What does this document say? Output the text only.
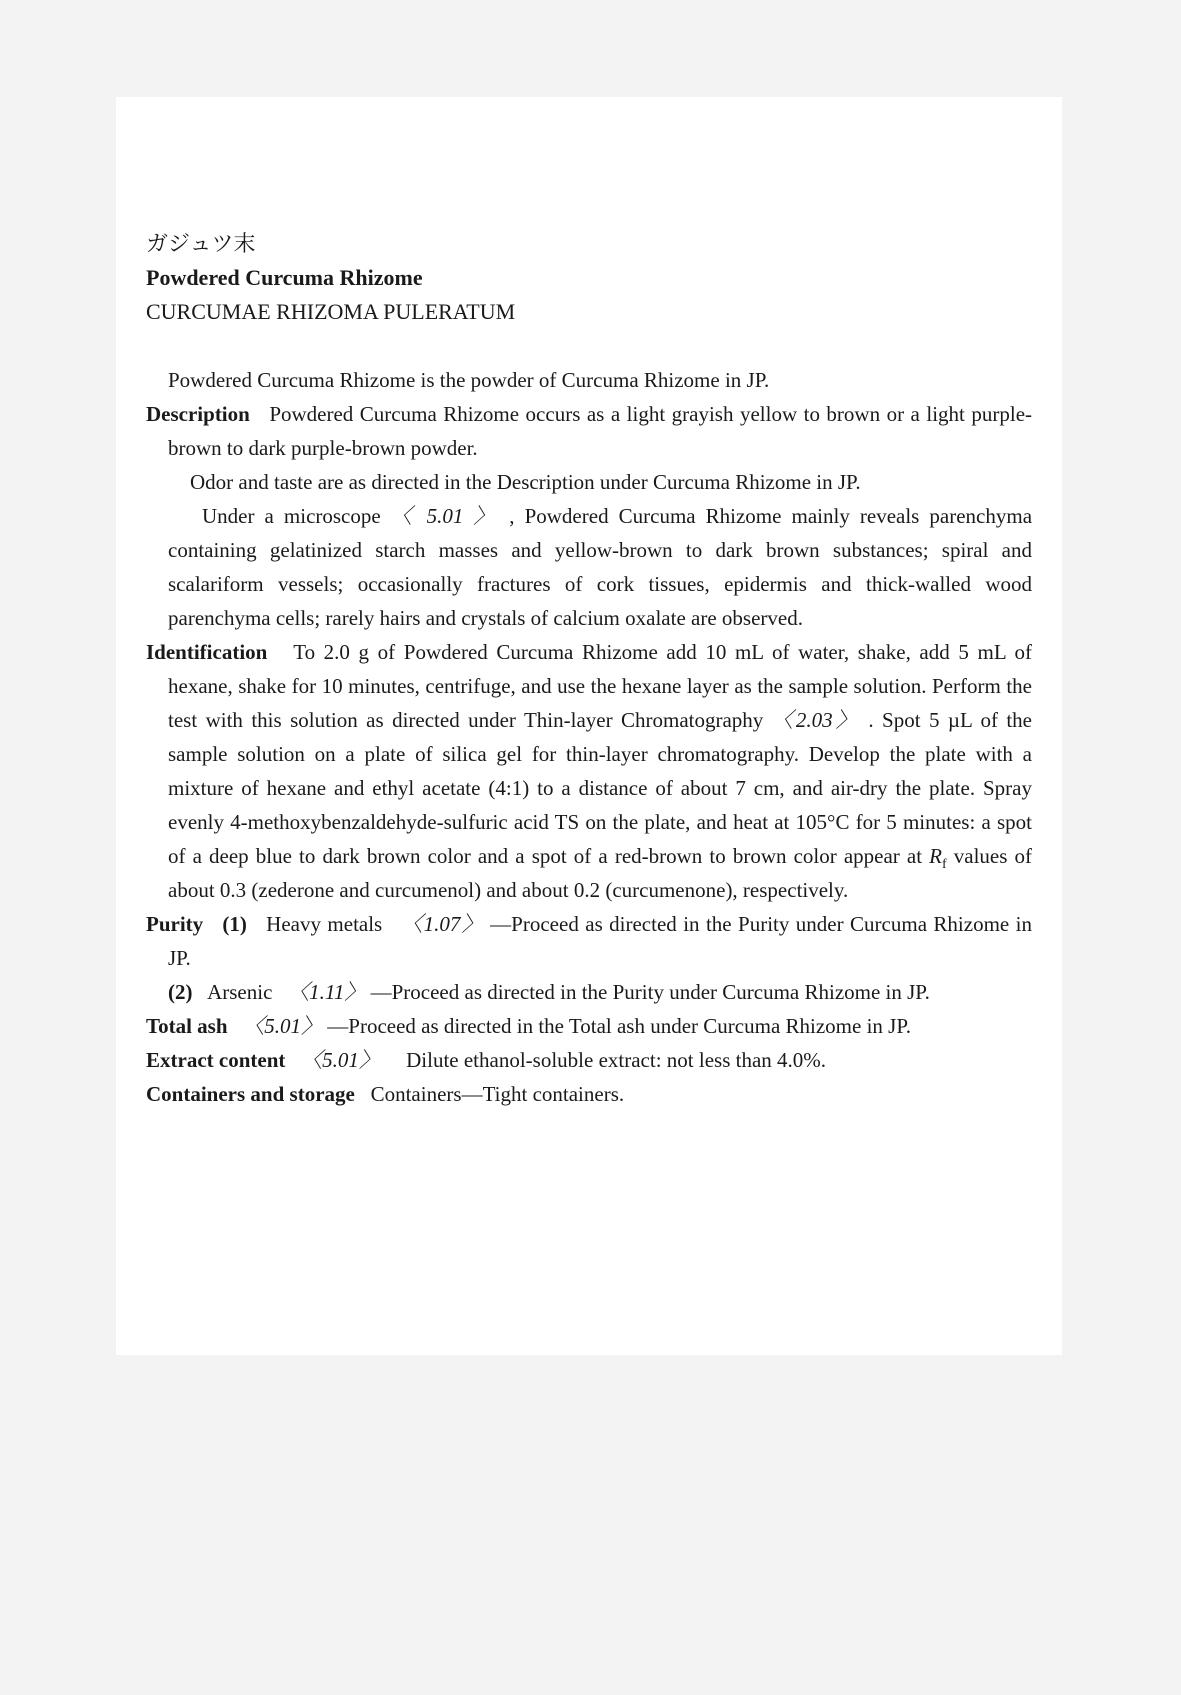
ガジュツ末
Powdered Curcuma Rhizome
CURCUMAE RHIZOMA PULERATUM
Powdered Curcuma Rhizome is the powder of Curcuma Rhizome in JP.
Description Powdered Curcuma Rhizome occurs as a light grayish yellow to brown or a light purple-brown to dark purple-brown powder.
Odor and taste are as directed in the Description under Curcuma Rhizome in JP.
Under a microscope 〈 5.01 〉 , Powdered Curcuma Rhizome mainly reveals parenchyma containing gelatinized starch masses and yellow-brown to dark brown substances; spiral and scalariform vessels; occasionally fractures of cork tissues, epidermis and thick-walled wood parenchyma cells; rarely hairs and crystals of calcium oxalate are observed.
Identification To 2.0 g of Powdered Curcuma Rhizome add 10 mL of water, shake, add 5 mL of hexane, shake for 10 minutes, centrifuge, and use the hexane layer as the sample solution. Perform the test with this solution as directed under Thin-layer Chromatography 〈2.03〉 . Spot 5 µL of the sample solution on a plate of silica gel for thin-layer chromatography. Develop the plate with a mixture of hexane and ethyl acetate (4:1) to a distance of about 7 cm, and air-dry the plate. Spray evenly 4-methoxybenzaldehyde-sulfuric acid TS on the plate, and heat at 105°C for 5 minutes: a spot of a deep blue to dark brown color and a spot of a red-brown to brown color appear at $R_f$ values of about 0.3 (zederone and curcumenol) and about 0.2 (curcumenone), respectively.
Purity (1)   Heavy metals   〈1.07〉 —Proceed as directed in the Purity under Curcuma Rhizome in JP.
(2)   Arsenic   〈1.11〉 —Proceed as directed in the Purity under Curcuma Rhizome in JP.
Total ash 〈5.01〉 —Proceed as directed in the Total ash under Curcuma Rhizome in JP.
Extract content 〈5.01〉     Dilute ethanol-soluble extract: not less than 4.0%.
Containers and storage Containers—Tight containers.
